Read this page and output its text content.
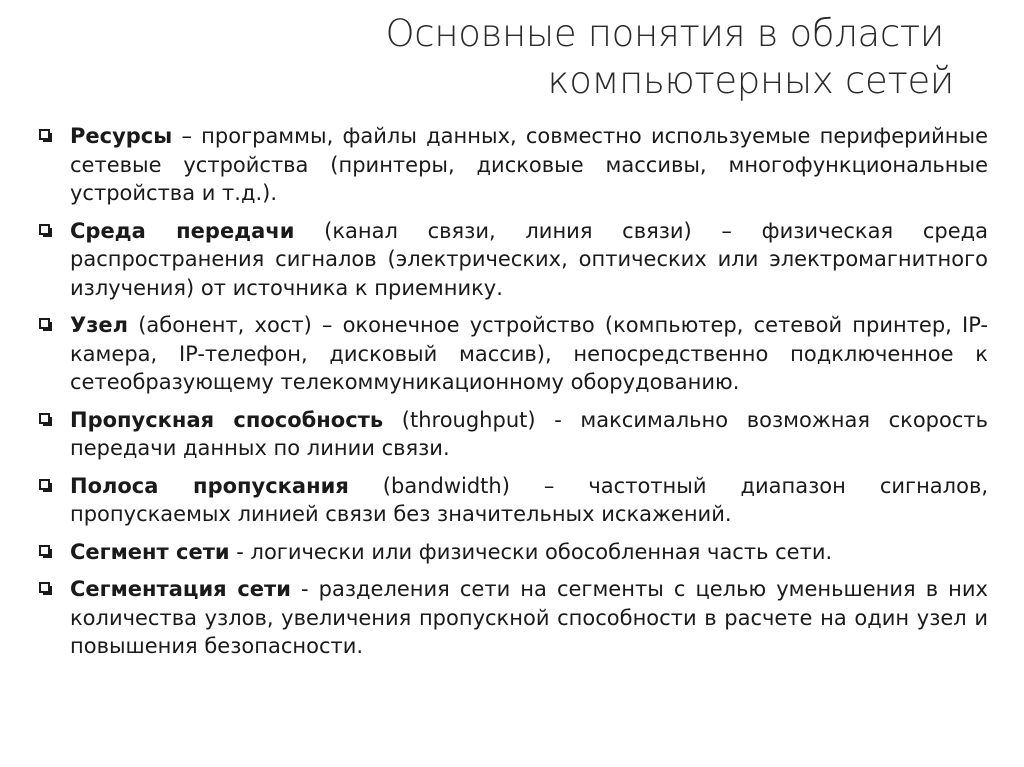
Основные понятия в области
компьютерных сетей
Ресурсы – программы, файлы данных, совместно используемые периферийные сетевые устройства (принтеры, дисковые массивы, многофункциональные устройства и т.д.).
Среда передачи (канал связи, линия связи) – физическая среда распространения сигналов (электрических, оптических или электромагнитного излучения) от источника к приемнику.
Узел (абонент, хост) – оконечное устройство (компьютер, сетевой принтер, IP-камера, IP-телефон, дисковый массив), непосредственно подключенное к сетеобразующему телекоммуникационному оборудованию.
Пропускная способность (throughput) - максимально возможная скорость передачи данных по линии связи.
Полоса пропускания (bandwidth) – частотный диапазон сигналов, пропускаемых линией связи без значительных искажений.
Сегмент сети - логически или физически обособленная часть сети.
Сегментация сети - разделения сети на сегменты с целью уменьшения в них количества узлов, увеличения пропускной способности в расчете на один узел и повышения безопасности.
